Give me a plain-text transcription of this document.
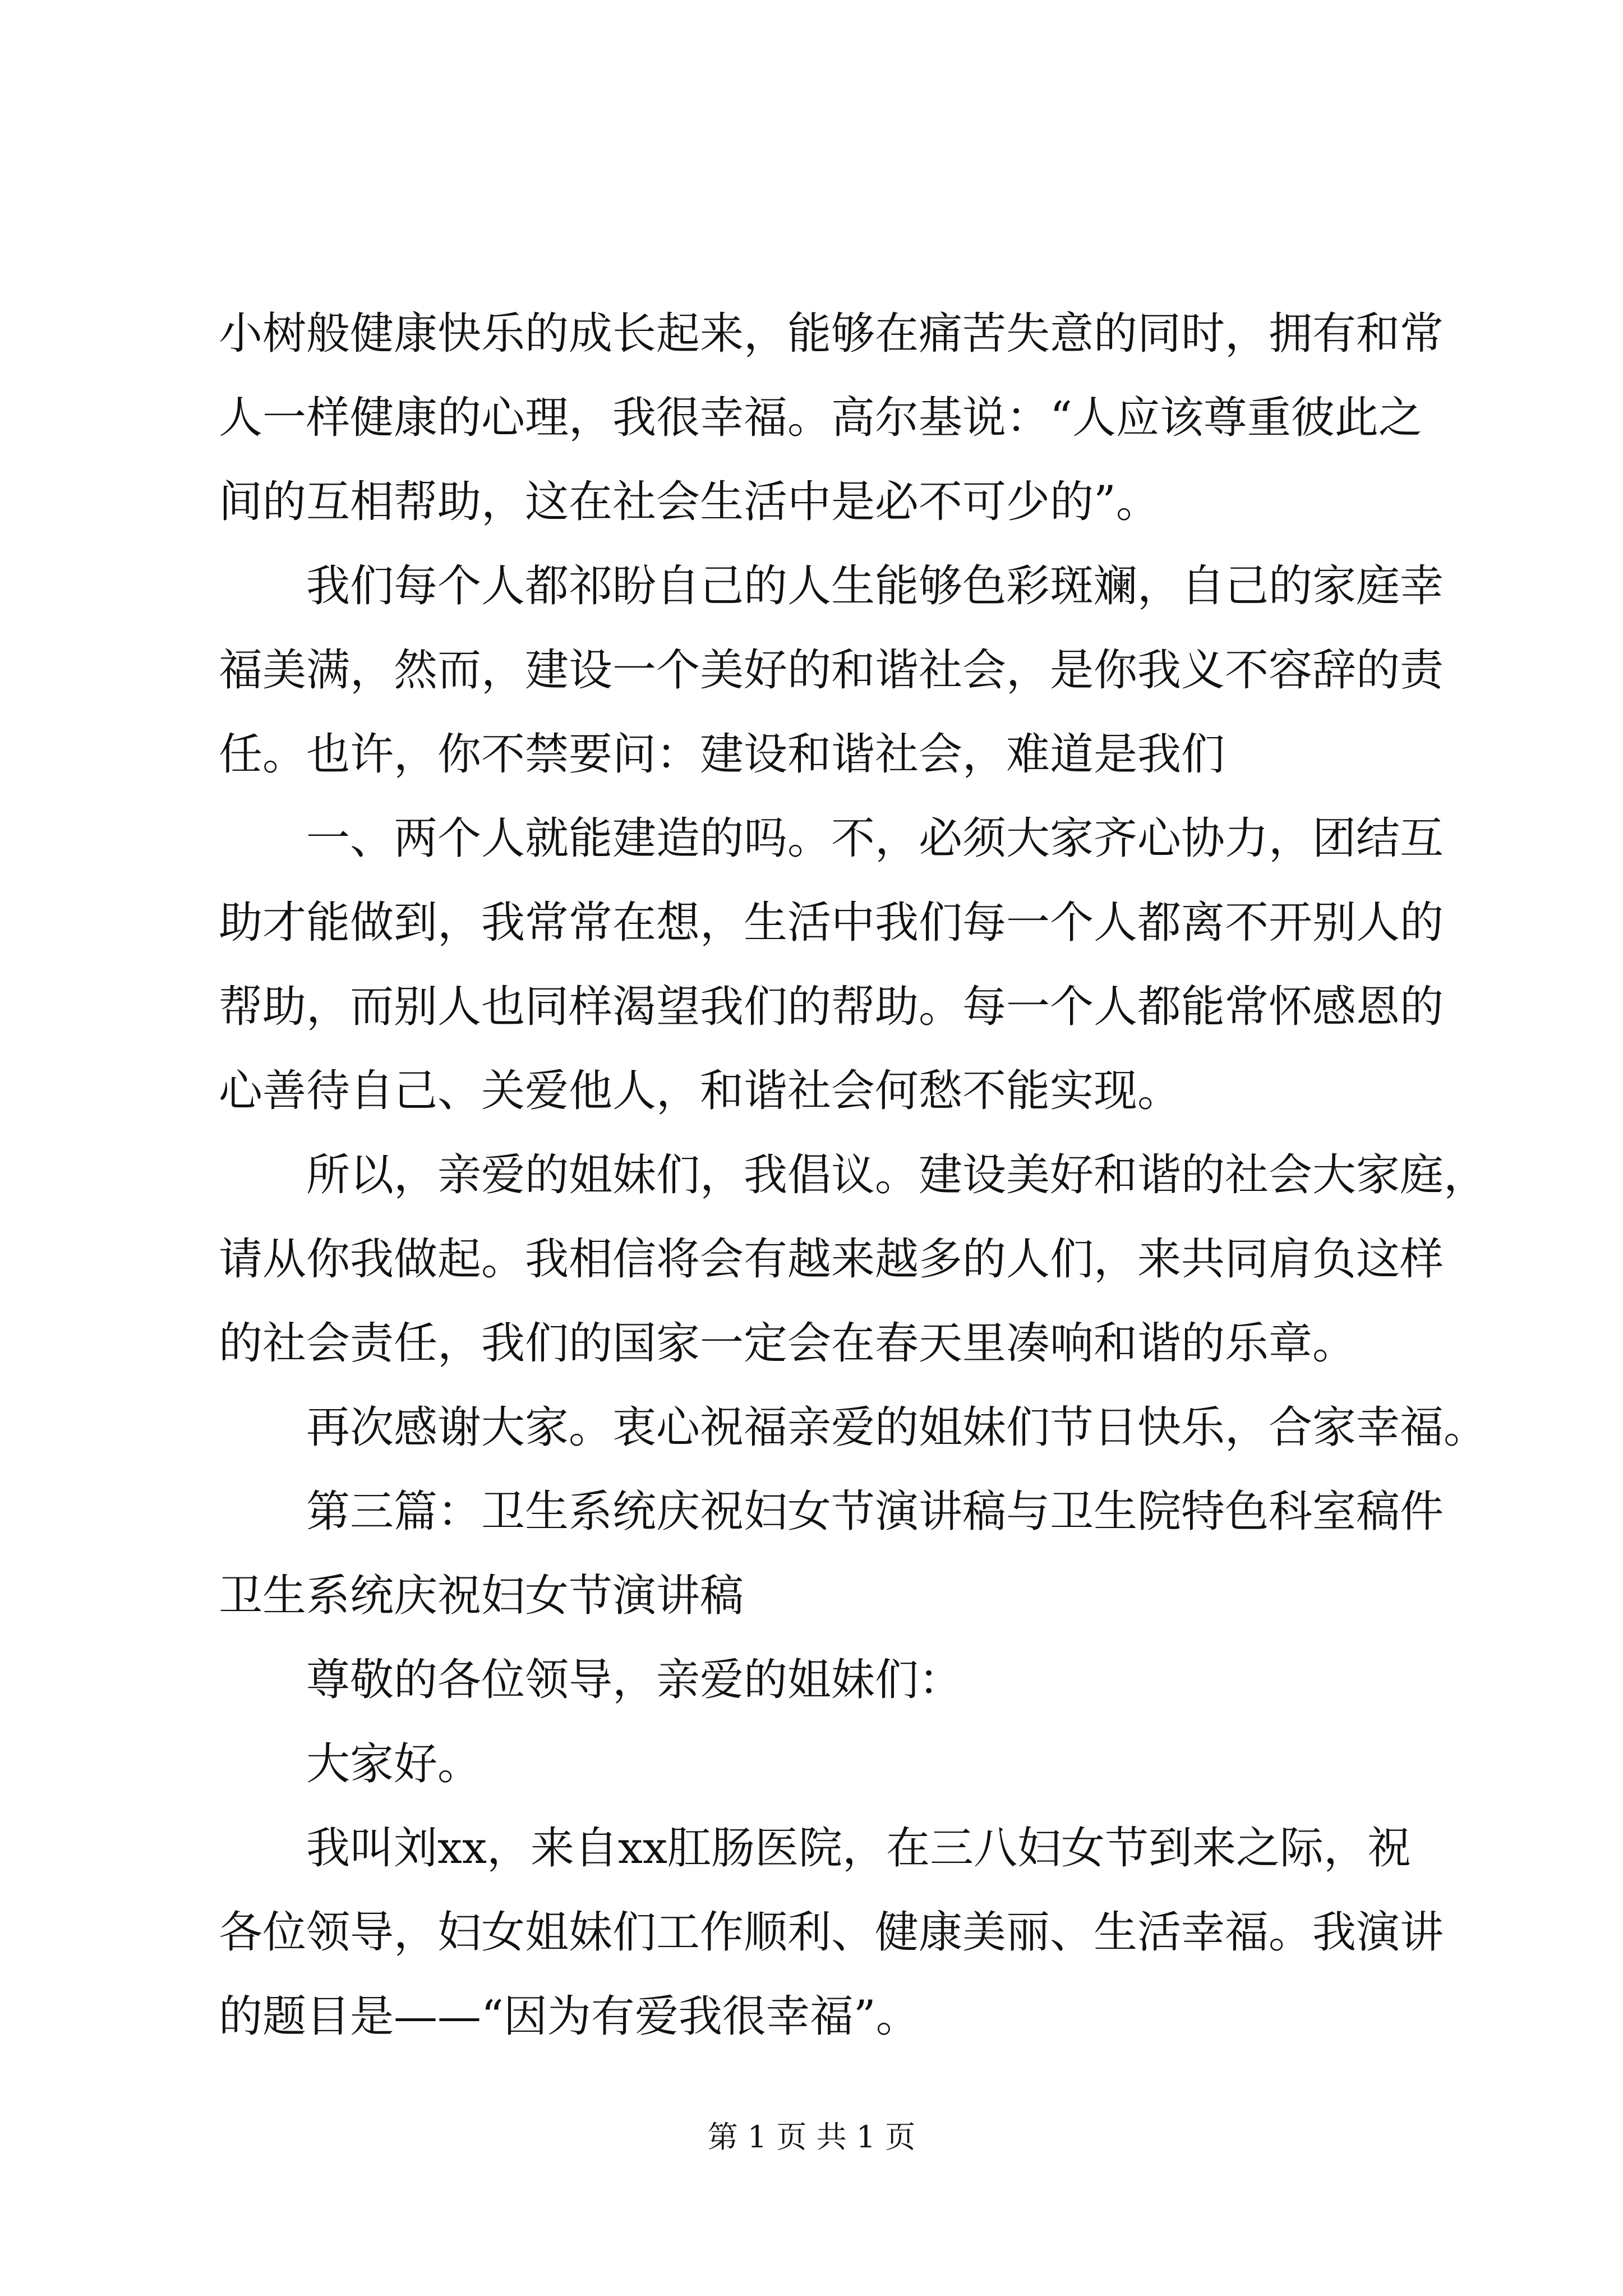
小树般健康快乐的成长起来，能够在痛苦失意的同时，拥有和常
人一样健康的心理，我很幸福。高尔基说：“人应该尊重彼此之
间的互相帮助，这在社会生活中是必不可少的”。
我们每个人都祁盼自己的人生能够色彩斑斓，自己的家庭幸
福美满，然而，建设一个美好的和谐社会，是你我义不容辞的责
任。也许，你不禁要问：建设和谐社会，难道是我们
一、两个人就能建造的吗。不，必须大家齐心协力，团结互
助才能做到，我常常在想，生活中我们每一个人都离不开别人的
帮助，而别人也同样渴望我们的帮助。每一个人都能常怀感恩的
心善待自己、关爱他人，和谐社会何愁不能实现。
所以，亲爱的姐妹们，我倡议。建设美好和谐的社会大家庭，
请从你我做起。我相信将会有越来越多的人们，来共同肩负这样
的社会责任，我们的国家一定会在春天里凑响和谐的乐章。
再次感谢大家。衷心祝福亲爱的姐妹们节日快乐，合家幸福。
第三篇：卫生系统庆祝妇女节演讲稿与卫生院特色科室稿件
卫生系统庆祝妇女节演讲稿
尊敬的各位领导，亲爱的姐妹们：
大家好。
我叫刘xx，来自xx肛肠医院，在三八妇女节到来之际，祝
各位领导，妇女姐妹们工作顺利、健康美丽、生活幸福。我演讲
的题目是——“因为有爱我很幸福”。
第 1 页 共 1 页
